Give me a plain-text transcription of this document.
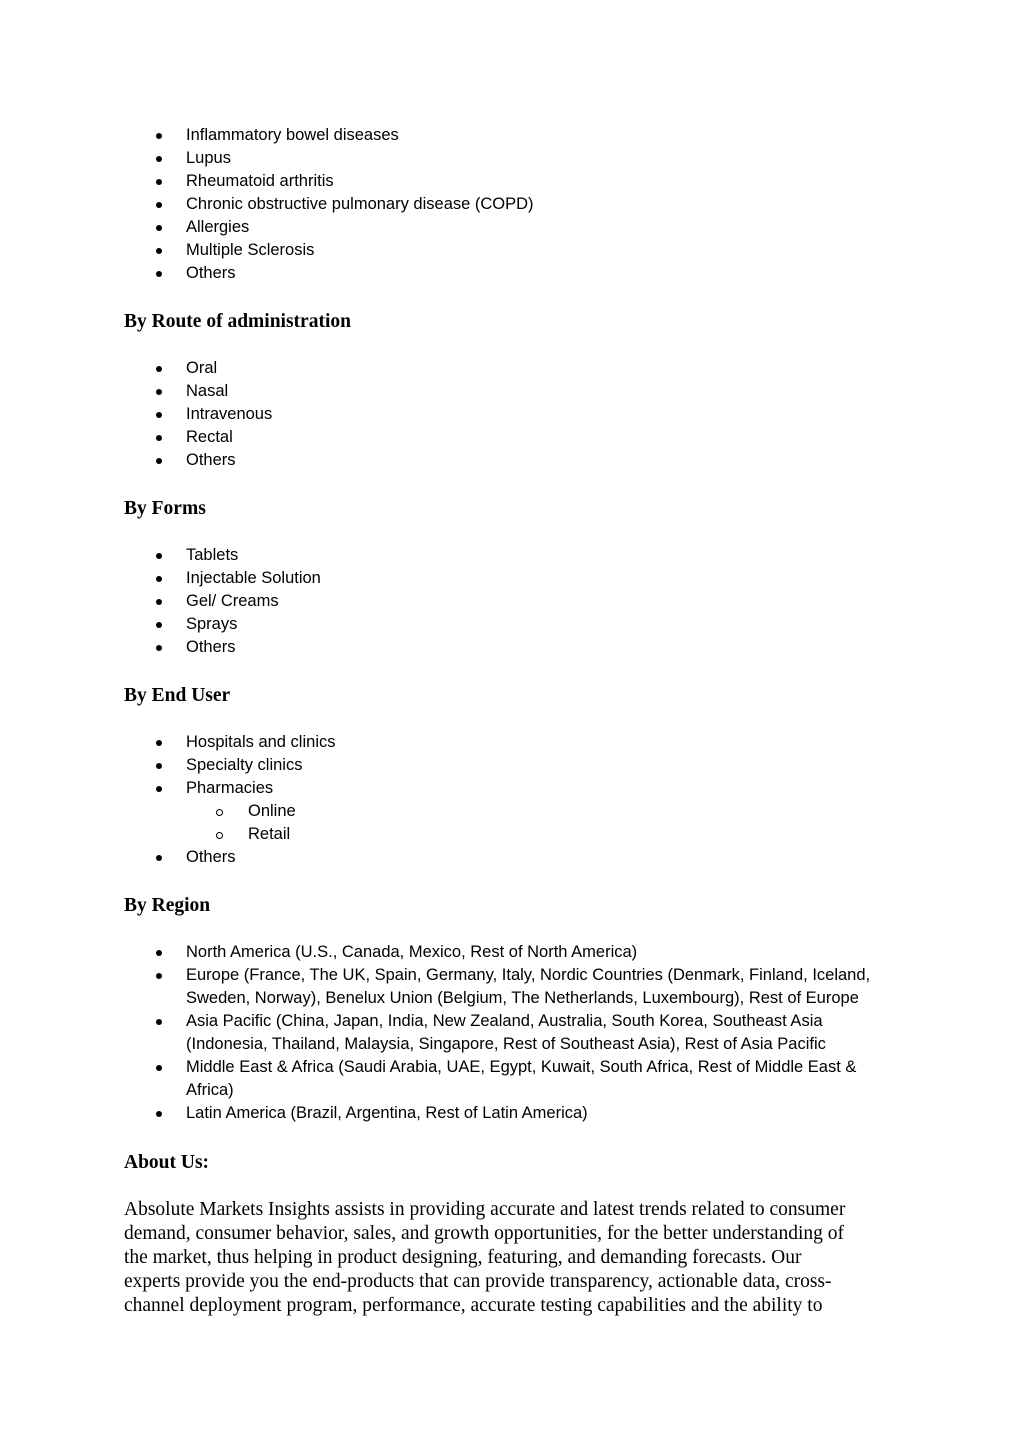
Inflammatory bowel diseases
Lupus
Rheumatoid arthritis
Chronic obstructive pulmonary disease (COPD)
Allergies
Multiple Sclerosis
Others
By Route of administration
Oral
Nasal
Intravenous
Rectal
Others
By Forms
Tablets
Injectable Solution
Gel/ Creams
Sprays
Others
By End User
Hospitals and clinics
Specialty clinics
Pharmacies
Online
Retail
Others
By Region
North America (U.S., Canada, Mexico, Rest of North America)
Europe (France, The UK, Spain, Germany, Italy, Nordic Countries (Denmark, Finland, Iceland,
Sweden, Norway), Benelux Union (Belgium, The Netherlands, Luxembourg), Rest of Europe
Asia Pacific (China, Japan, India, New Zealand, Australia, South Korea, Southeast Asia
(Indonesia, Thailand, Malaysia, Singapore, Rest of Southeast Asia), Rest of Asia Pacific
Middle East & Africa (Saudi Arabia, UAE, Egypt, Kuwait, South Africa, Rest of Middle East &
Africa)
Latin America (Brazil, Argentina, Rest of Latin America)
About Us:
Absolute Markets Insights assists in providing accurate and latest trends related to consumer
demand, consumer behavior, sales, and growth opportunities, for the better understanding of
the market, thus helping in product designing, featuring, and demanding forecasts. Our
experts provide you the end-products that can provide transparency, actionable data, cross-
channel deployment program, performance, accurate testing capabilities and the ability to
